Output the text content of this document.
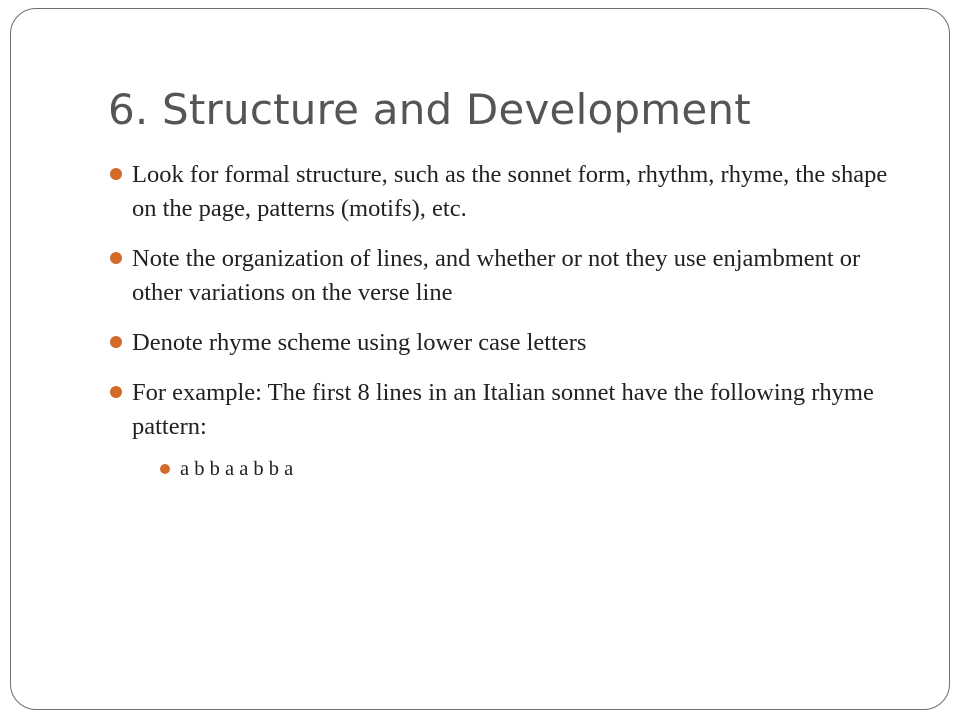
6. Structure and Development
Look for formal structure, such as the sonnet form, rhythm, rhyme, the shape on the page, patterns (motifs), etc.
Note the organization of lines, and whether or not they use enjambment or other variations on the verse line
Denote rhyme scheme using lower case letters
For example: The first 8 lines in an Italian sonnet have the following rhyme pattern:
a b b a a b b a
